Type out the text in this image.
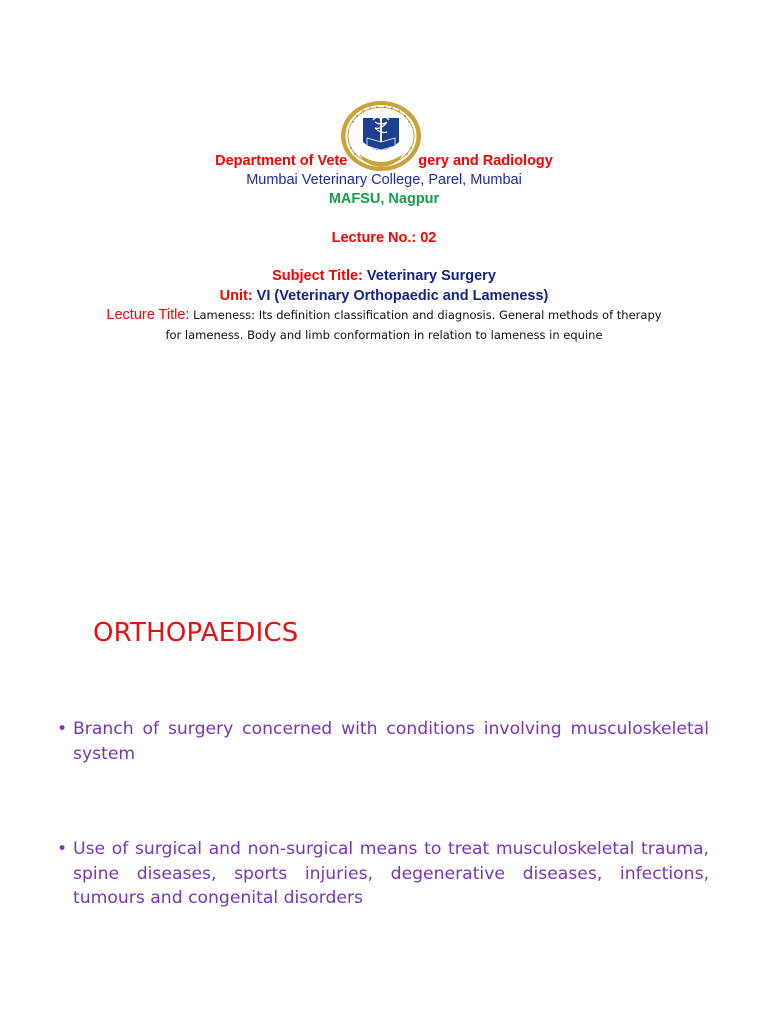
Department of Vete	gery and Radiology
Mumbai Veterinary College, Parel, Mumbai
MAFSU, Nagpur
Lecture No.: 02
Subject Title: Veterinary Surgery
Unit: VI (Veterinary Orthopaedic and Lameness)
Lecture Title: Lameness: Its definition classification and diagnosis. General methods of therapy for lameness. Body and limb conformation in relation to lameness in equine
ORTHOPAEDICS
• Branch of surgery concerned with conditions involving musculoskeletal system
• Use of surgical and non-surgical means to treat musculoskeletal trauma, spine diseases, sports injuries, degenerative diseases, infections, tumours and congenital disorders
